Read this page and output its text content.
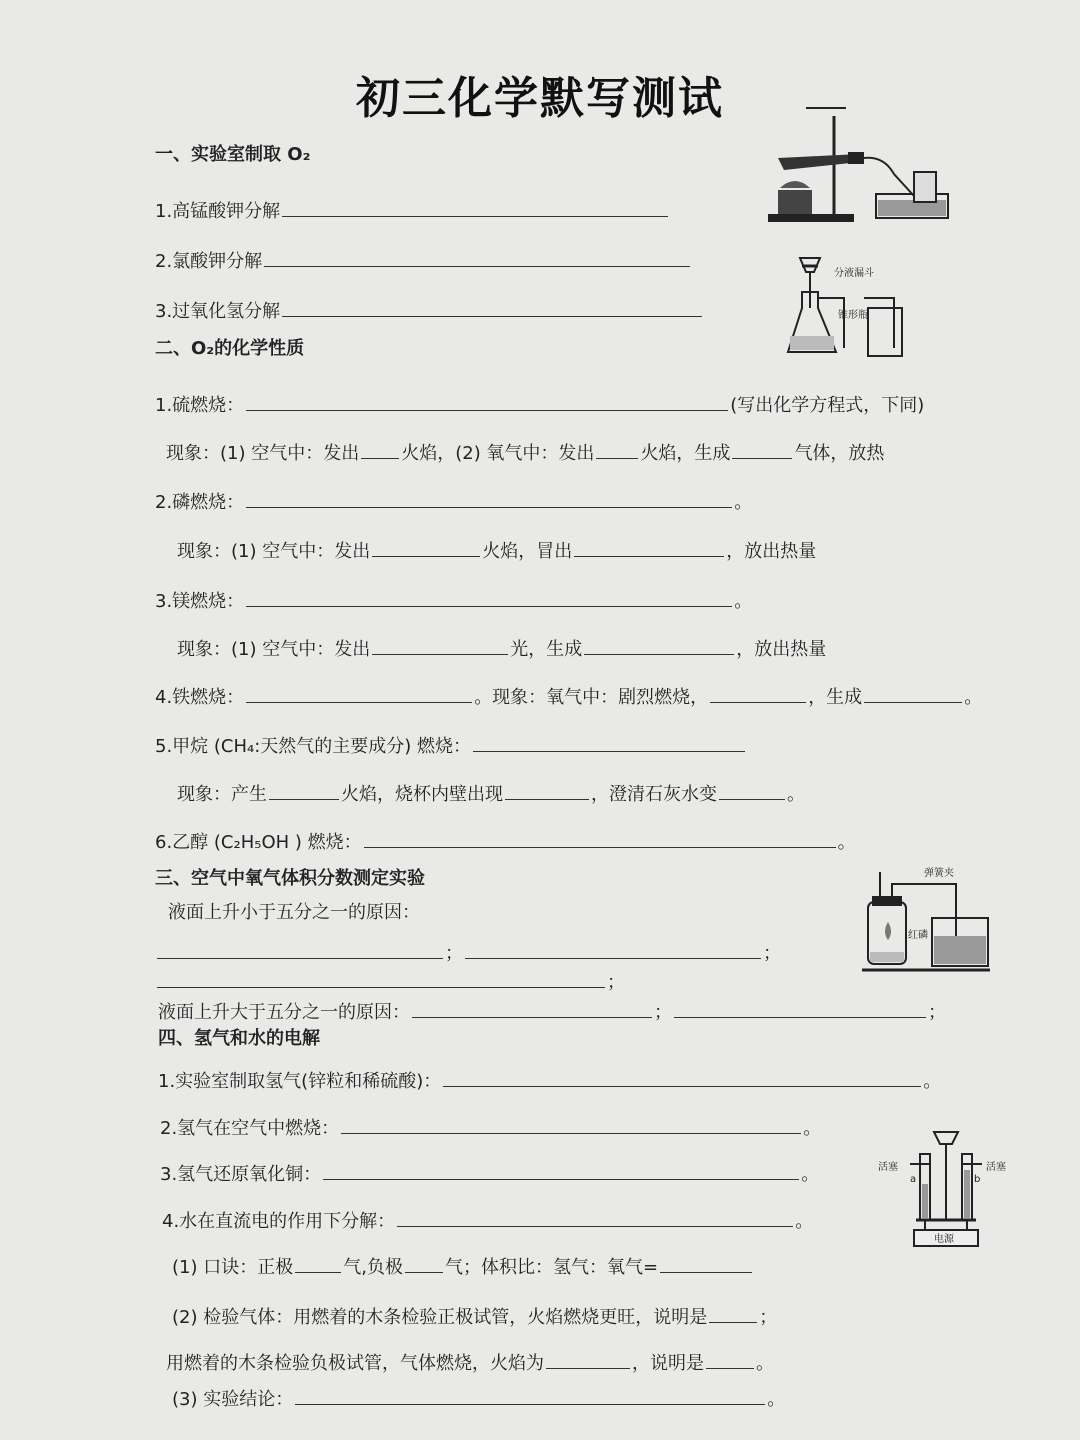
初三化学默写测试
一、实验室制取 O₂
1.高锰酸钾分解
2.氯酸钾分解
3.过氧化氢分解
二、O₂的化学性质
1.硫燃烧：	(写出化学方程式，下同)
现象：(1) 空气中：发出 火焰，(2) 氧气中：发出	火焰，生成	气体，放热
2.磷燃烧：	。
现象：(1) 空气中：发出	火焰，冒出	，放出热量
3.镁燃烧：	。
现象：(1) 空气中：发出	光，生成	，放出热量
4.铁燃烧：	。现象：氧气中：剧烈燃烧，	，生成	。
5.甲烷 (CH₄:天然气的主要成分) 燃烧：
现象：产生	火焰，烧杯内壁出现	，澄清石灰水变	。
6.乙醇 (C₂H₅OH ) 燃烧：	。
三、空气中氧气体积分数测定实验
液面上升小于五分之一的原因：
；	；
；
液面上升大于五分之一的原因：	；	；
四、氢气和水的电解
1.实验室制取氢气(锌粒和稀硫酸)：	。
2.氢气在空气中燃烧：	。
3.氢气还原氧化铜：	。
4.水在直流电的作用下分解：	。
(1) 口诀：正极	气,负极 气；体积比：氢气：氧气=
(2) 检验气体：用燃着的木条检验正极试管，火焰燃烧更旺，说明是	；
用燃着的木条检验负极试管，气体燃烧，火焰为	，说明是	。
(3) 实验结论：	。
分液漏斗
锥形瓶
弹簧夹
红磷
活塞	活塞
a	b
电源
